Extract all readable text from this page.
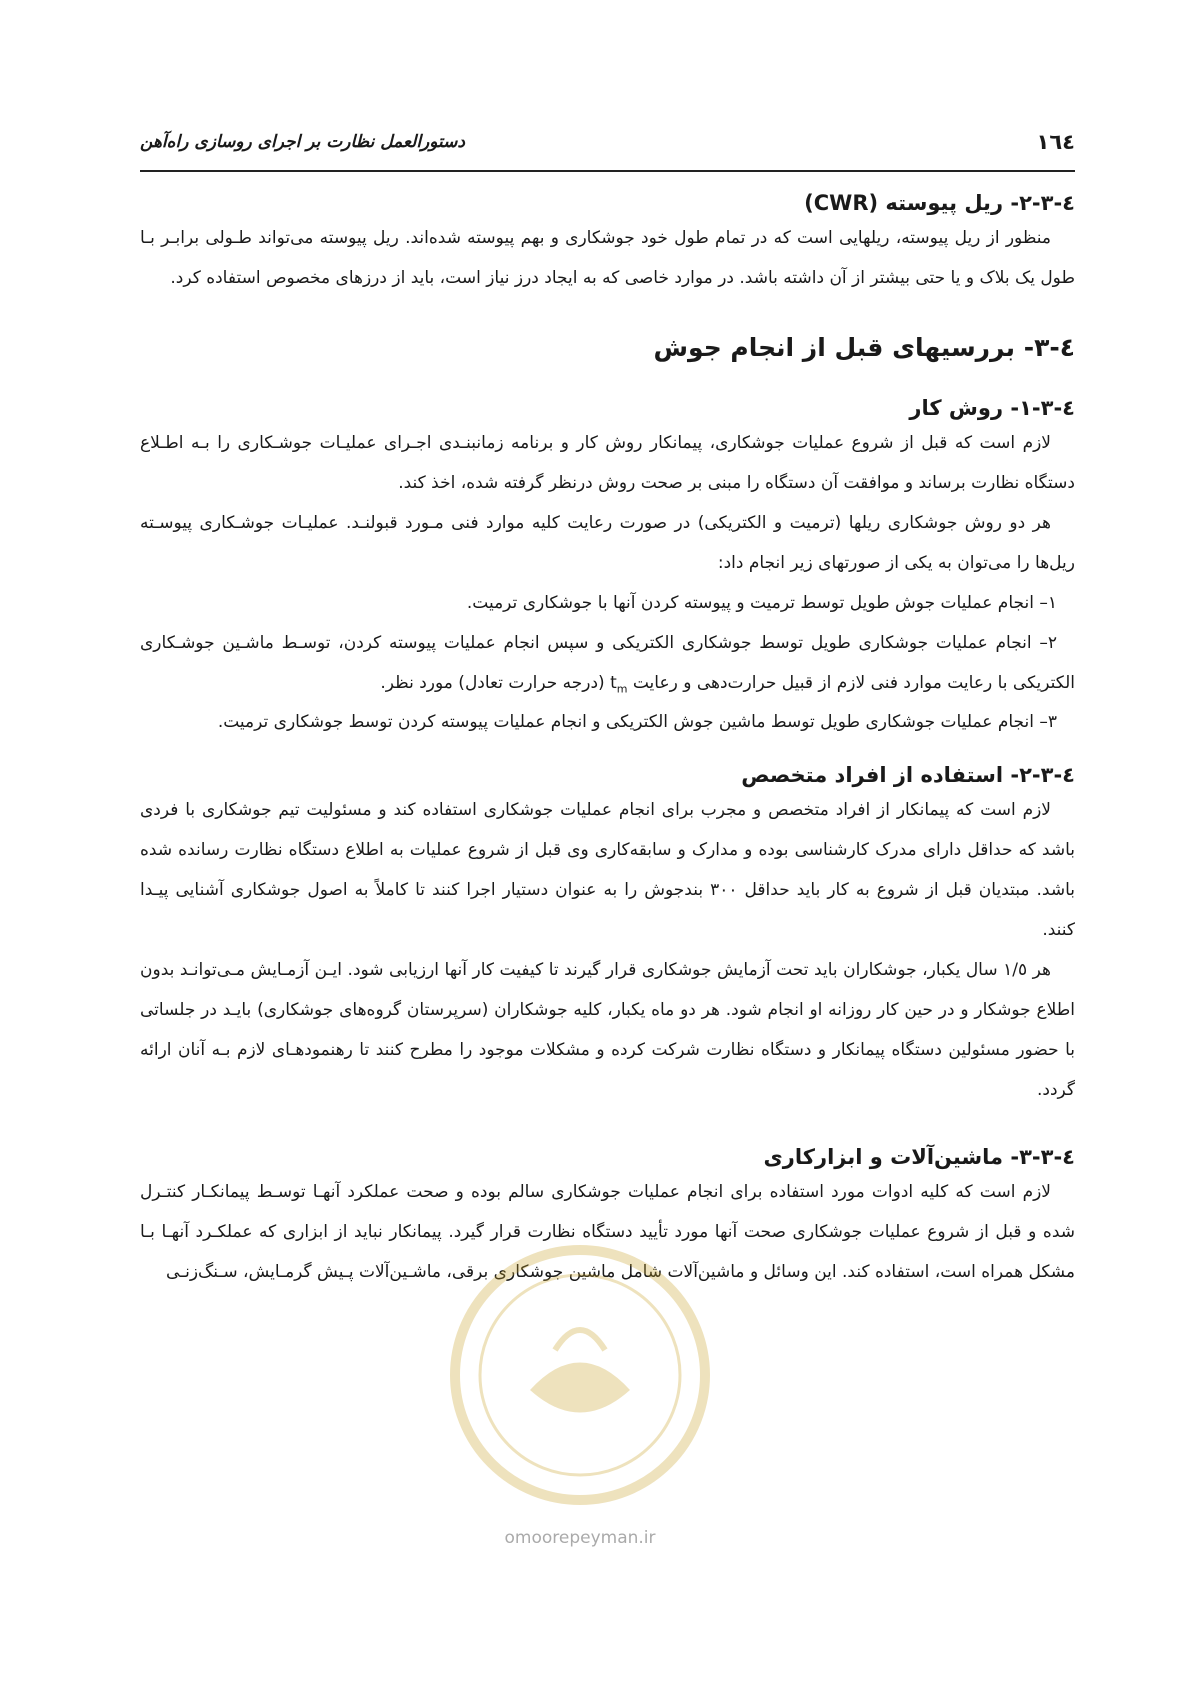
١٦٤
دستورالعمل نظارت بر اجرای روسازی راه‌آهن
٤-٣-٢- ریل پیوسته (CWR)

منظور از ریل پیوسته، ریلهایی است که در تمام طول خود جوشکاری و بهم پیوسته شده‌اند. ریل پیوسته می‌تواند طـولی برابـر بـا طول یک بلاک و یا حتی بیشتر از آن داشته باشد. در موارد خاصی که به ایجاد درز نیاز است، باید از درزهای مخصوص استفاده کرد.

٤-٣- بررسیهای قبل از انجام جوش
٤-٣-١- روش کار

لازم است که قبل از شروع عملیات جوشکاری، پیمانکار روش کار و برنامه زمانبنـدی اجـرای عملیـات جوشـکاری را بـه اطـلاع دستگاه نظارت برساند و موافقت آن دستگاه را مبنی بر صحت روش درنظر گرفته شده، اخذ کند.

هر دو روش جوشکاری ریلها (ترمیت و الکتریکی) در صورت رعایت کلیه موارد فنی مـورد قبولنـد. عملیـات جوشـکاری پیوسـته ریل‌ها را می‌توان به یکی از صورتهای زیر انجام داد:

١– انجام عملیات جوش طویل توسط ترمیت و پیوسته کردن آنها با جوشکاری ترمیت.

٢– انجام عملیات جوشکاری طویل توسط جوشکاری الکتریکی و سپس انجام عملیات پیوسته کردن، توسـط ماشـین جوشـکاری الکتریکی با رعایت موارد فنی لازم از قبیل حرارت‌دهی و رعایت $t_m$ (درجه حرارت تعادل) مورد نظر.

٣– انجام عملیات جوشکاری طویل توسط ماشین جوش الکتریکی و انجام عملیات پیوسته کردن توسط جوشکاری ترمیت.

٤-٣-٢- استفاده از افراد متخصص

لازم است که پیمانکار از افراد متخصص و مجرب برای انجام عملیات جوشکاری استفاده کند و مسئولیت تیم جوشکاری با فردی باشد که حداقل دارای مدرک کارشناسی بوده و مدارک و سابقه‌کاری وی قبل از شروع عملیات به اطلاع دستگاه نظارت رسانده شده باشد. مبتدیان قبل از شروع به کار باید حداقل ٣٠٠ بندجوش را به عنوان دستیار اجرا کنند تا کاملاً به اصول جوشکاری آشنایی پیـدا کنند.

هر ١/٥ سال یکبار، جوشکاران باید تحت آزمایش جوشکاری قرار گیرند تا کیفیت کار آنها ارزیابی شود. ایـن آزمـایش مـی‌توانـد بدون اطلاع جوشکار و در حین کار روزانه او انجام شود. هر دو ماه یکبار، کلیه جوشکاران (سرپرستان گروه‌های جوشکاری) بایـد در جلساتی با حضور مسئولین دستگاه پیمانکار و دستگاه نظارت شرکت کرده و مشکلات موجود را مطرح کنند تا رهنمودهـای لازم بـه آنان ارائه گردد.

٤-٣-٣- ماشین‌آلات و ابزارکاری

لازم است که کلیه ادوات مورد استفاده برای انجام عملیات جوشکاری سالم بوده و صحت عملکرد آنهـا توسـط پیمانکـار کنتـرل شده و قبل از شروع عملیات جوشکاری صحت آنها مورد تأیید دستگاه نظارت قرار گیرد. پیمانکار نباید از ابزاری که عملکـرد آنهـا بـا مشکل همراه است، استفاده کند. این وسائل و ماشین‌آلات شامل ماشین جوشکاری برقی، ماشـین‌آلات پـیش گرمـایش، سـنگ‌زنـی

omoorepeyman.ir
